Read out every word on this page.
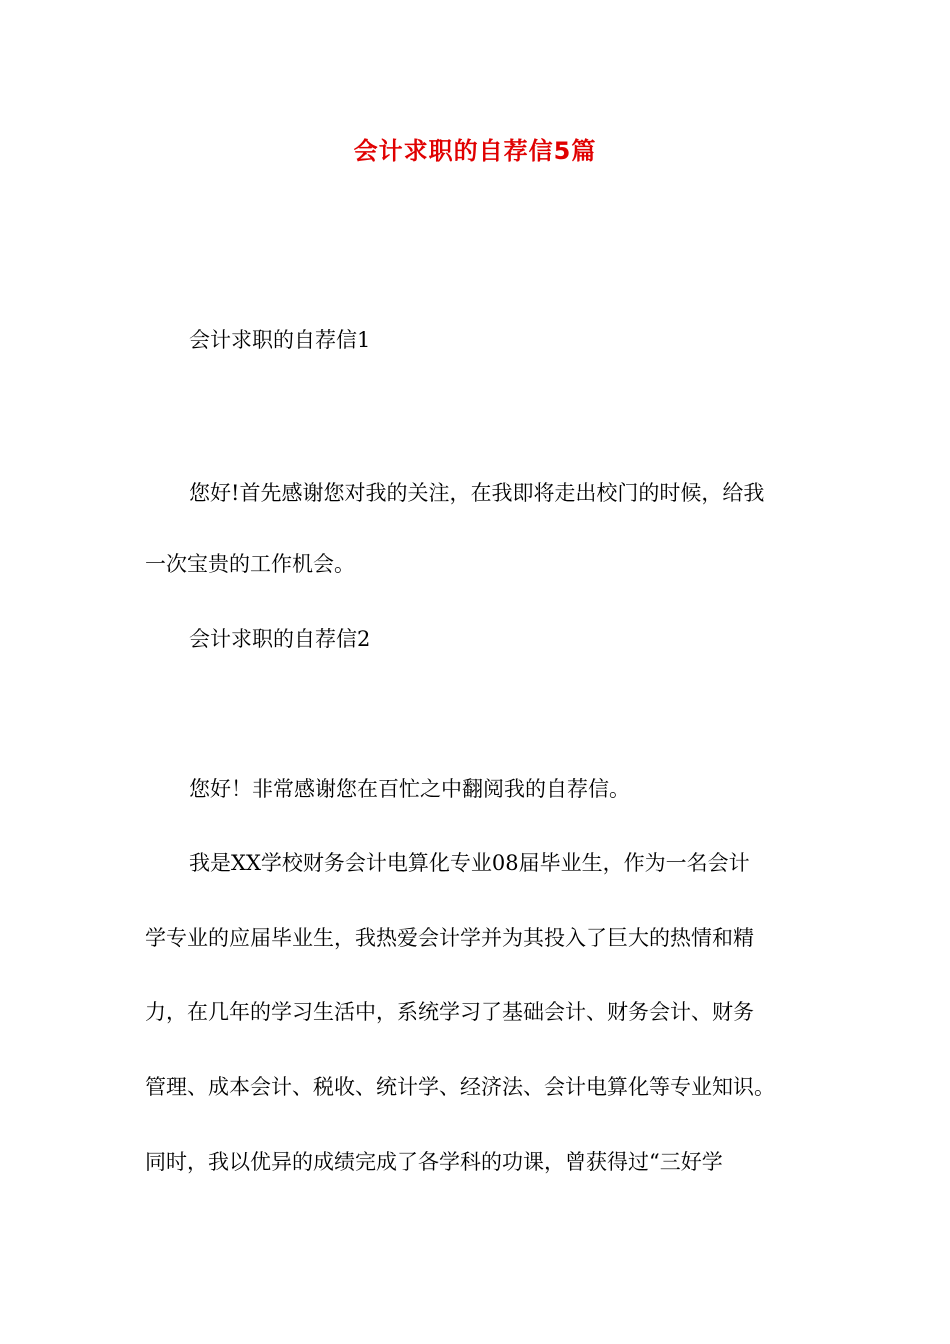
会计求职的自荐信5篇
会计求职的自荐信1
您好!首先感谢您对我的关注，在我即将走出校门的时候，给我
一次宝贵的工作机会。
会计求职的自荐信2
您好！非常感谢您在百忙之中翻阅我的自荐信。
我是XX学校财务会计电算化专业08届毕业生，作为一名会计
学专业的应届毕业生，我热爱会计学并为其投入了巨大的热情和精
力，在几年的学习生活中，系统学习了基础会计、财务会计、财务
管理、成本会计、税收、统计学、经济法、会计电算化等专业知识。
同时，我以优异的成绩完成了各学科的功课，曾获得过“三好学
